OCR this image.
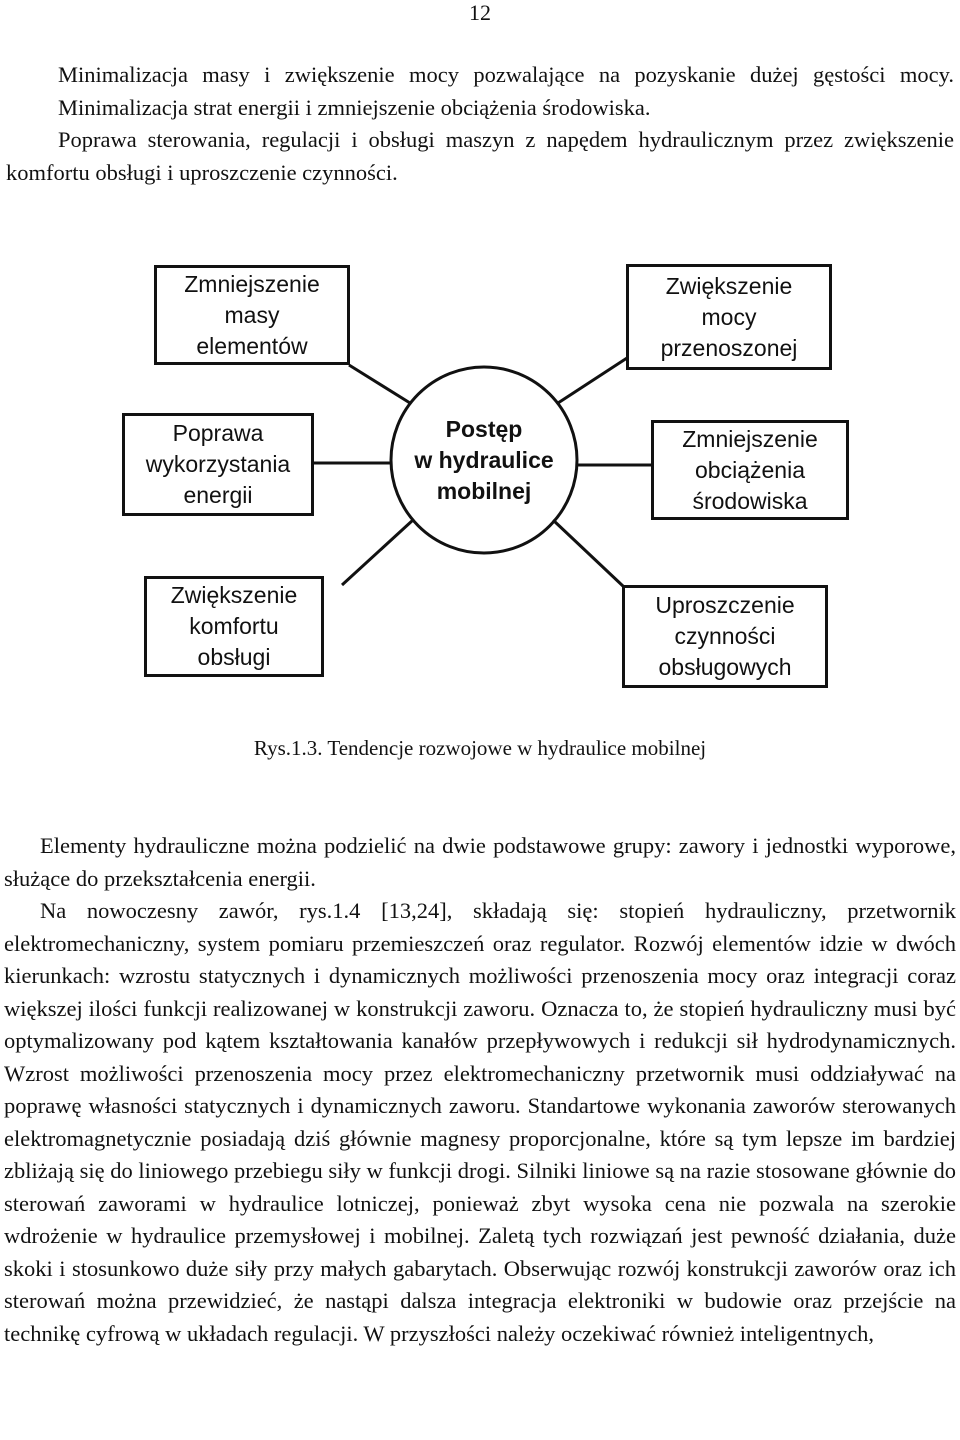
12

Minimalizacja masy i zwiększenie mocy pozwalające na pozyskanie dużej gęstości mocy.

Minimalizacja strat energii i zmniejszenie obciążenia środowiska.

Poprawa sterowania, regulacji i obsługi maszyn z napędem hydraulicznym przez zwiększenie komfortu obsługi i uproszczenie czynności.

Zmniejszenie
masy
elementów
Zwiększenie
mocy
przenoszonej
Poprawa
wykorzystania
energii
Zmniejszenie
obciążenia
środowiska
Zwiększenie
komfortu
obsługi
Uproszczenie
czynności
obsługowych
Postęp
w hydraulice
mobilnej
Rys.1.3. Tendencje rozwojowe w hydraulice mobilnej

Elementy hydrauliczne można podzielić na dwie podstawowe grupy: zawory i jednostki wyporowe, służące do przekształcenia energii.

Na nowoczesny zawór, rys.1.4 [13,24], składają się: stopień hydrauliczny, przetwornik elektromechaniczny, system pomiaru przemieszczeń oraz regulator. Rozwój elementów idzie w dwóch kierunkach: wzrostu statycznych i dynamicznych możliwości przenoszenia mocy oraz integracji coraz większej ilości funkcji realizowanej w konstrukcji zaworu. Oznacza to, że stopień hydrauliczny musi być optymalizowany pod kątem kształtowania kanałów przepływowych i redukcji sił hydrodynamicznych. Wzrost możliwości przenoszenia mocy przez elektromechaniczny przetwornik musi oddziaływać na poprawę własności statycznych i dynamicznych zaworu. Standartowe wykonania zaworów sterowanych elektromagnetycznie posiadają dziś głównie magnesy proporcjonalne, które są tym lepsze im bardziej zbliżają się do liniowego przebiegu siły w funkcji drogi. Silniki liniowe są na razie stosowane głównie do sterowań zaworami w hydraulice lotniczej, ponieważ zbyt wysoka cena nie pozwala na szerokie wdrożenie w hydraulice przemysłowej i mobilnej. Zaletą tych rozwiązań jest pewność działania, duże skoki i stosunkowo duże siły przy małych gabarytach. Obserwując rozwój konstrukcji zaworów oraz ich sterowań można przewidzieć, że nastąpi dalsza integracja elektroniki w budowie oraz przejście na technikę cyfrową w układach regulacji. W przyszłości należy oczekiwać również inteligentnych,
